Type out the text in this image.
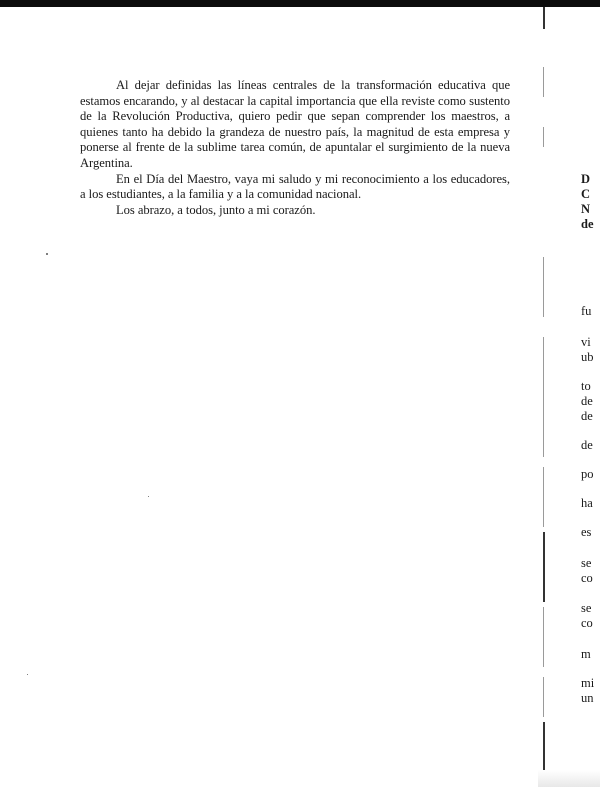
Al dejar definidas las líneas centrales de la transformación educativa que estamos encarando, y al destacar la capital importancia que ella reviste como sustento de la Revolución Productiva, quiero pedir que sepan comprender los maestros, a quienes tanto ha debido la grandeza de nuestro país, la magnitud de esta empresa y ponerse al frente de la sublime tarea común, de apuntalar el surgimiento de la nueva Argentina.

En el Día del Maestro, vaya mi saludo y mi reconocimiento a los educadores, a los estudiantes, a la familia y a la comunidad nacional.

Los abrazo, a todos, junto a mi corazón.

D
C
N
de
fu
vi
ub
to
de
de
de
po
ha
es
se
co
se
co
m
mi
un
